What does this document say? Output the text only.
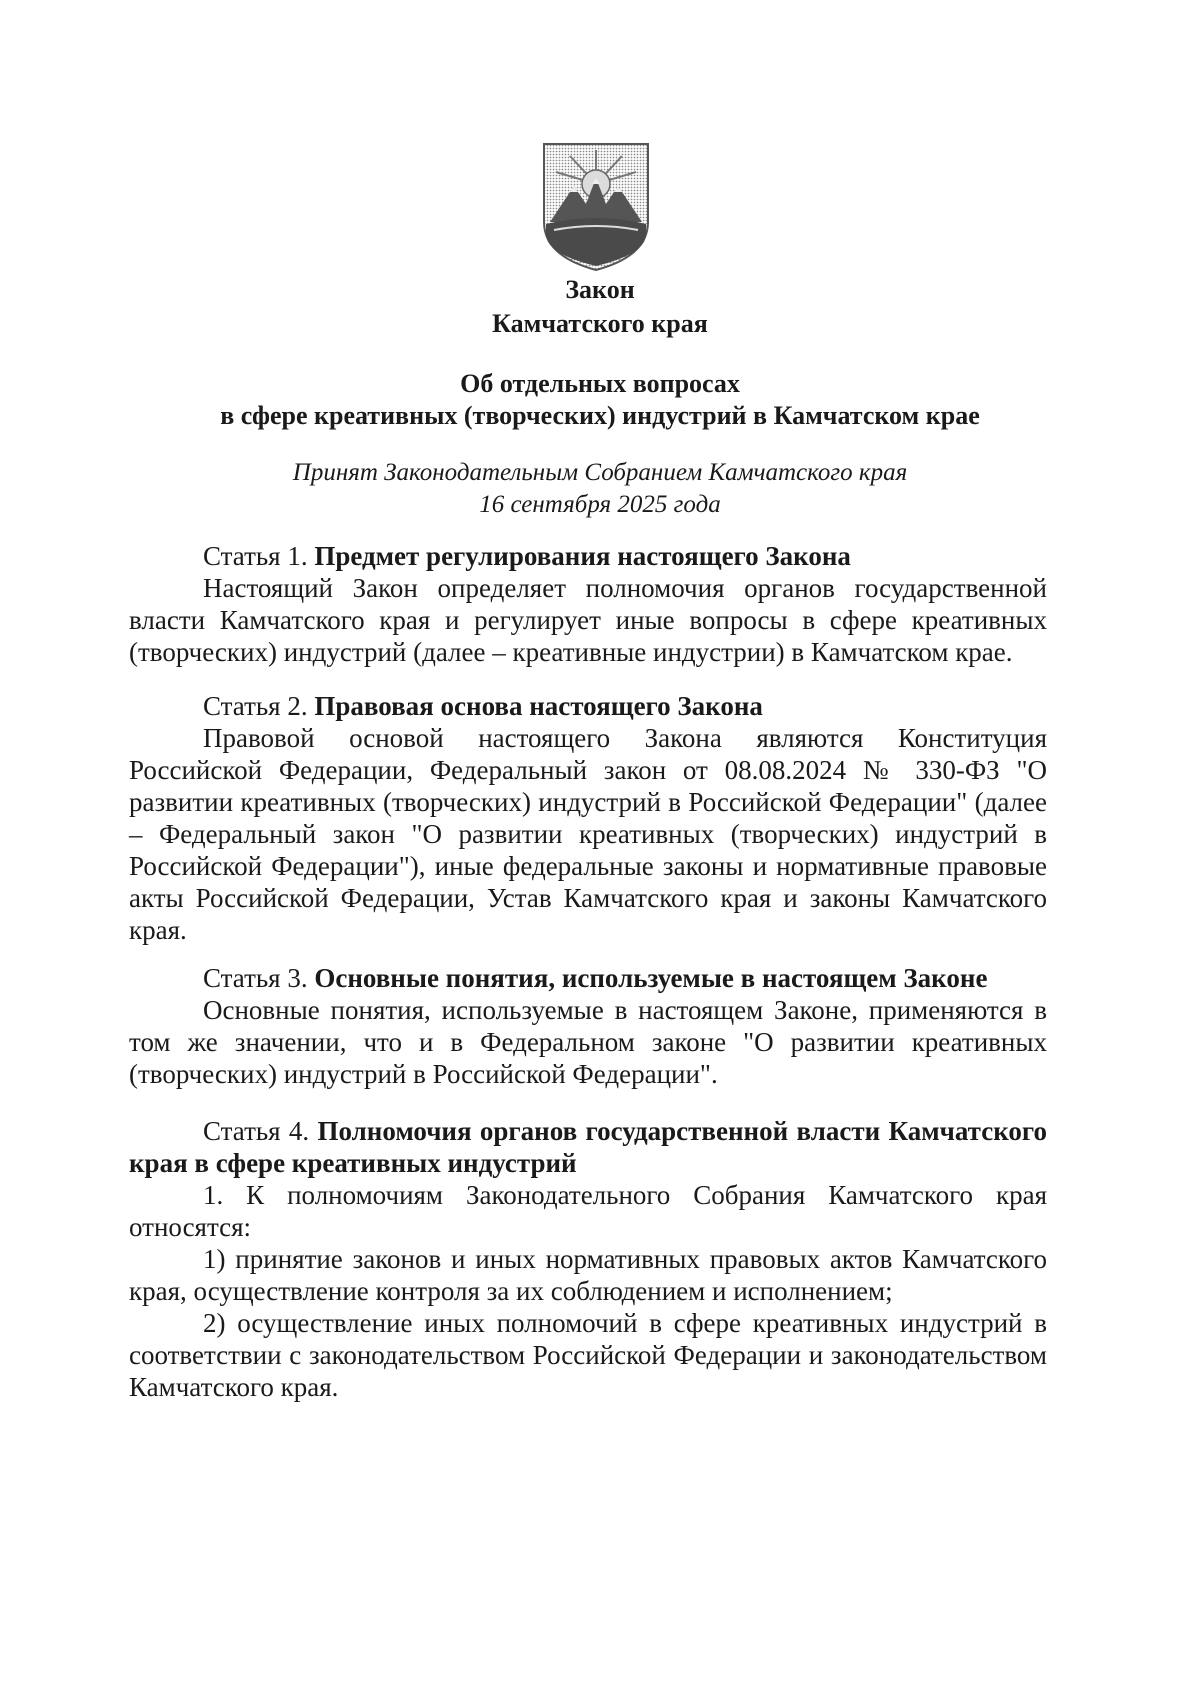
Закон
Камчатского края
Об отдельных вопросах
в сфере креативных (творческих) индустрий в Камчатском крае
Принят Законодательным Собранием Камчатского края
16 сентября 2025 года
Статья 1. Предмет регулирования настоящего Закона
Настоящий Закон определяет полномочия органов государственной власти Камчатского края и регулирует иные вопросы в сфере креативных (творческих) индустрий (далее – креативные индустрии) в Камчатском крае.
Статья 2. Правовая основа настоящего Закона
Правовой основой настоящего Закона являются Конституция Российской Федерации, Федеральный закон от 08.08.2024 № 330-ФЗ "О развитии креативных (творческих) индустрий в Российской Федерации" (далее – Федеральный закон "О развитии креативных (творческих) индустрий в Российской Федерации"), иные федеральные законы и нормативные правовые акты Российской Федерации, Устав Камчатского края и законы Камчатского края.
Статья 3. Основные понятия, используемые в настоящем Законе
Основные понятия, используемые в настоящем Законе, применяются в том же значении, что и в Федеральном законе "О развитии креативных (творческих) индустрий в Российской Федерации".
Статья 4. Полномочия органов государственной власти Камчатского края в сфере креативных индустрий
1. К полномочиям Законодательного Собрания Камчатского края относятся:
1) принятие законов и иных нормативных правовых актов Камчатского края, осуществление контроля за их соблюдением и исполнением;
2) осуществление иных полномочий в сфере креативных индустрий в соответствии с законодательством Российской Федерации и законодательством Камчатского края.
